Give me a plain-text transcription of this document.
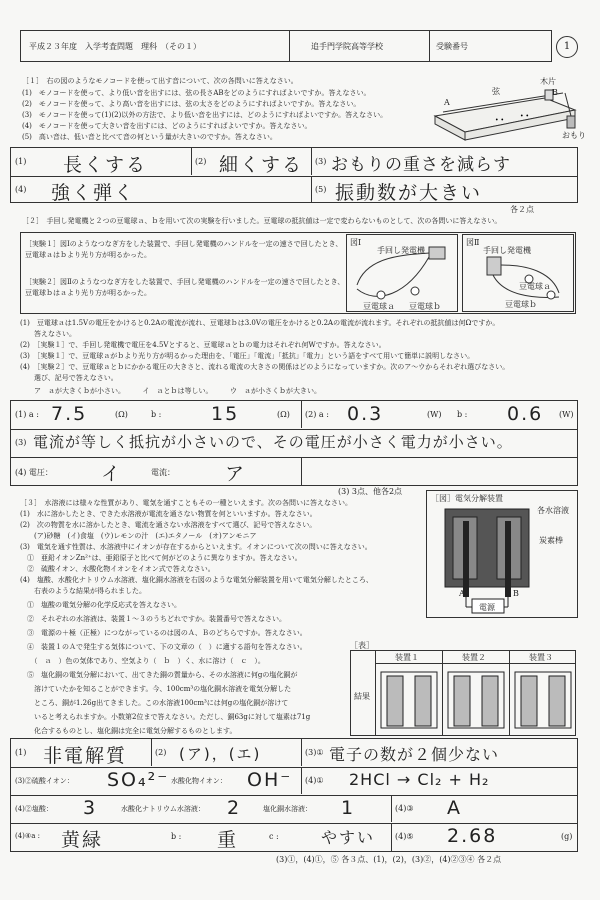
平成２３年度　入学考査問題　理科　（その１）	追手門学院高等学校	受験番号	1
［１］　右の図のようなモノコードを使って出す音について、次の各問いに答えなさい。
(1)　モノコードを使って、より低い音を出すには、弦の長さABをどのようにすればよいですか。答えなさい。
(2)　モノコードを使って、より高い音を出すには、弦の太さをどのようにすればよいですか。答えなさい。
(3)　モノコードを使って(1)(2)以外の方法で、より低い音を出すには、どのようにすればよいですか。答えなさい。
(4)　モノコードを使って大きい音を出すには、どのようにすればよいですか。答えなさい。
(5)　高い音は、低い音と比べて音の何という量が大きいのですか。答えなさい。
• •
• •
A
弦
木片
B
おもり
(1) 長くする	(2) 細くする (3) おもりの重さを減らす
(4) 強く弾く	(5) 振動数が大きい
各２点
［２］　手回し発電機と２つの豆電球ａ、ｂを用いて次の実験を行いました。豆電球の抵抗値は一定で変わらないものとして、次の各問いに答えなさい。
［実験１］図Ⅰのようなつなぎ方をした装置で、手回し発電機のハンドルを一定の速さで回したとき、豆電球ａはｂより光り方が明るかった。
［実験２］図Ⅱのようなつなぎ方をした装置で、手回し発電機のハンドルを一定の速さで回したとき、豆電球ｂはａより光り方が明るかった。
図Ⅰ
手回し発電機
豆電球ａ 豆電球ｂ
図Ⅱ
手回し発電機
豆電球ａ
豆電球ｂ
(1)　豆電球ａは1.5Vの電圧をかけると0.2Aの電流が流れ、豆電球ｂは3.0Vの電圧をかけると0.2Aの電流が流れます。それぞれの抵抗値は何Ωですか。
　　答えなさい。
(2)　［実験１］で、手回し発電機で電圧を4.5Vとすると、豆電球ａとｂの電力はそれぞれ何Wですか。答えなさい。
(3)　［実験１］で、豆電球ａがｂより光り方が明るかった理由を、「電圧」「電流」「抵抗」「電力」という語をすべて用いて簡単に説明しなさい。
(4)　［実験２］で、豆電球ａとｂにかかる電圧の大きさと、流れる電流の大きさの関係はどのようになっていますか。次のア〜ウからそれぞれ選びなさい。
　　選び、記号で答えなさい。
ア　ａが大きくｂが小さい。　　　イ　ａとｂは等しい。　　　ウ　ａが小さくｂが大きい。
(1) a : 7.5	(Ω)	b :	15	(Ω) (2) a : 0.3	(W) b : 0.6 (W)
(3) 電流が等しく抵抗が小さいので、その電圧が小さく電力が小さい。
(4) 電圧：	イ	電流：	ア
(3) 3点、他各2点
［３］　水溶液には様々な性質があり、電気を通すこともその一種といえます。次の各問いに答えなさい。
(1)　水に溶かしたとき、できた水溶液が電流を通さない物質を何といいますか。答えなさい。
(2)　次の物質を水に溶かしたとき、電流を通さない水溶液をすべて選び、記号で答えなさい。
　　(ア)砂糖　(イ)食塩　(ウ)レモンの汁　(エ)エタノール　(オ)アンモニア
(3)　電気を通す性質は、水溶液中にイオンが存在するからといえます。イオンについて次の問いに答えなさい。
　①　亜鉛イオンZn²⁺は、亜鉛原子と比べて何がどのように異なりますか。答えなさい。
　②　硫酸イオン、水酸化物イオンをイオン式で答えなさい。
(4)　塩酸、水酸化ナトリウム水溶液、塩化銅水溶液を右図のような電気分解装置を用いて電気分解したところ、
　　右表のような結果が得られました。
　①　塩酸の電気分解の化学反応式を答えなさい。
　②　それぞれの水溶液は、装置１〜３のうちどれですか。装置番号で答えなさい。
　③　電源の＋極（正極）につながっているのは図のＡ、Ｂのどちらですか。答えなさい。
　④　装置１のＡで発生する気体について、下の文章の（　）に適する語句を答えなさい。
　　（　ａ　）色の気体であり、空気より（　ｂ　）く、水に溶け（　ｃ　）。
　⑤　塩化銅の電気分解において、出てきた銅の質量から、その水溶液に何gの塩化銅が
　　溶けていたかを知ることができます。今、100cm³の塩化銅水溶液を電気分解した
　　ところ、銅が1.26g出てきました。この水溶液100cm³には何gの塩化銅が溶けて
　　いると考えられますか。小数第2位まで答えなさい。ただし、銅63gに対して塩素は71g
　　化合するものとし、塩化銅は完全に電気分解するものとします。
［図］電気分解装置
各水溶液
炭素棒
A	B
電源
［表］
結果
装置１	装置２	装置３
(1) 非電解質	(2) (ア)，(エ)	(3)① 電子の数が２個少ない
(3)②硫酸イオン： SO₄²⁻ 水酸化物イオン： OH⁻ (4)① 2HCl → Cl₂ + H₂
(4)②塩酸： 3	水酸化ナトリウム水溶液： 2	塩化銅水溶液： 1	(4)③ A
(4)④a : 黄緑	b : 重	c :	やすい (4)⑤ 2.68	(g)
(3)①，(4)①，⑤ 各３点、(1)，(2)，(3)②，(4)②③④ 各２点
